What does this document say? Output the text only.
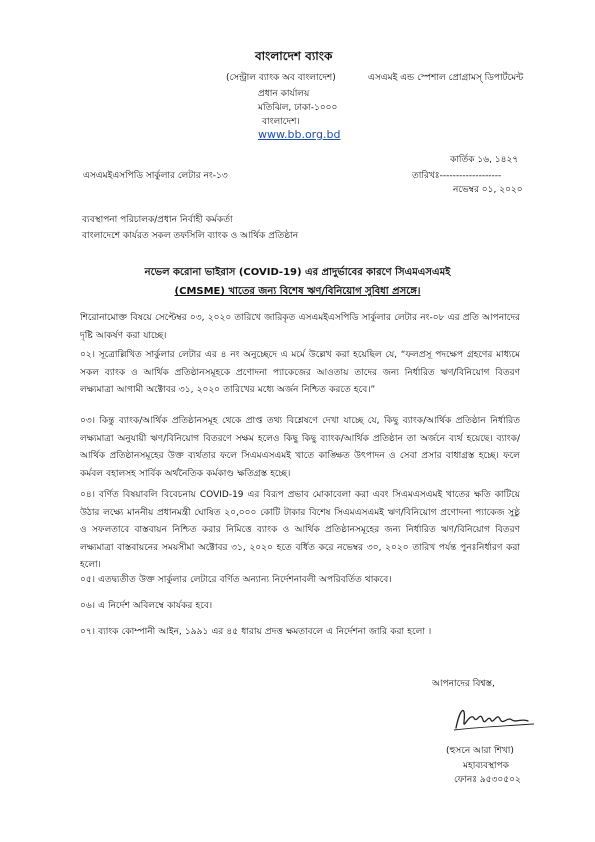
বাংলাদেশ ব্যাংক
(সেন্ট্রাল ব্যাংক অব বাংলাদেশ)	এসএমই এন্ড স্পেশাল প্রোগ্রামস্ ডিপার্টমেন্ট
প্রধান কার্যালয়
মতিঝিল, ঢাকা-১০০০
বাংলাদেশ।
www.bb.org.bd
কার্তিক ১৬, ১৪২৭
এসএমইএসপিডি সার্কুলার লেটার নং-১৩	তারিখঃ-------------------
নভেম্বর ০১, ২০২০
ব্যবস্থাপনা পরিচালক/প্রধান নির্বাহী কর্মকর্তা
বাংলাদেশে কার্যরত সকল তফসিলি ব্যাংক ও আর্থিক প্রতিষ্ঠান
নভেল করোনা ভাইরাস (COVID-19) এর প্রাদুর্ভাবের কারণে সিএমএসএমই
(CMSME) খাতের জন্য বিশেষ ঋণ/বিনিয়োগ সুবিধা প্রসঙ্গে।
শিরোনামোক্ত বিষয়ে সেপ্টেম্বর ০৩, ২০২০ তারিখে জারিকৃত এসএমইএসপিডি সার্কুলার লেটার নং-০৮ এর প্রতি আপনাদের দৃষ্টি আকর্ষণ করা যাচ্ছে।
০২। সূত্রোল্লিখিত সার্কুলার লেটার এর ৪ নং অনুচ্ছেদে এ মর্মে উল্লেখ করা হয়েছিল যে, “ফলপ্রসূ পদক্ষেপ গ্রহণের মাধ্যমে সকল ব্যাংক ও আর্থিক প্রতিষ্ঠানসমূহকে প্রণোদনা প্যাকেজের আওতায় তাদের জন্য নির্ধারিত ঋণ/বিনিয়োগ বিতরণ লক্ষ্যমাত্রা আগামী অক্টোবর ৩১, ২০২০ তারিখের মধ্যে অর্জন নিশ্চিত করতে হবে।”
০৩। কিন্তু ব্যাংক/আর্থিক প্রতিষ্ঠানসমূহ থেকে প্রাপ্ত তথ্য বিশ্লেষণে দেখা যাচ্ছে যে, কিছু ব্যাংক/আর্থিক প্রতিষ্ঠান নির্ধারিত লক্ষ্যমাত্রা অনুযায়ী ঋণ/বিনিয়োগ বিতরণে সক্ষম হলেও কিছু কিছু ব্যাংক/আর্থিক প্রতিষ্ঠান তা অর্জনে ব্যর্থ হয়েছে। ব্যাংক/আর্থিক প্রতিষ্ঠানসমূহের উক্ত ব্যর্থতার ফলে সিএমএসএমই খাতে কাঙ্ক্ষিত উৎপাদন ও সেবা প্রসার বাধাগ্রস্ত হচ্ছে। ফলে কর্মবল বহালসহ সার্বিক অর্থনৈতিক কর্মকাণ্ড ক্ষতিগ্রস্ত হচ্ছে।
০৪। বর্ণিত বিষয়াবলি বিবেচনায় COVID-19 এর বিরূপ প্রভাব মোকাবেলা করা এবং সিএমএসএমই খাতের ক্ষতি কাটিয়ে উঠার লক্ষ্যে মাননীয় প্রধানমন্ত্রী ঘোষিত ২০,০০০ কোটি টাকার বিশেষ সিএমএসএমই ঋণ/বিনিয়োগ প্রণোদনা প্যাকেজ সুষ্ঠু ও সফলতাবে বাস্তবায়ন নিশ্চিত করার নিমিত্তে ব্যাংক ও আর্থিক প্রতিষ্ঠানসমূহের জন্য নির্ধারিত ঋণ/বিনিয়োগ বিতরণ লক্ষ্যমাত্রা বাস্তবায়নের সময়সীমা অক্টোবর ৩১, ২০২০ হতে বর্ধিত করে নভেম্বর ৩০, ২০২০ তারিখ পর্যন্ত পুনঃনির্ধারণ করা হলো।
০৫। এতদ্ব্যতীত উক্ত সার্কুলার লেটারে বর্ণিত অন্যান্য নির্দেশনাবলী অপরিবর্তিত থাকবে।
০৬। এ নির্দেশ অবিলম্বে কার্যকর হবে।
০৭। ব্যাংক কোম্পানী আইন, ১৯৯১ এর ৪৫ ধারায় প্রদত্ত ক্ষমতাবলে এ নির্দেশনা জারি করা হলো ।
আপনাদের বিশ্বস্ত,
(হুসনে আরা শিখা)
মহাব্যবস্থাপক
ফোনঃ ৯৫৩০৫০২
